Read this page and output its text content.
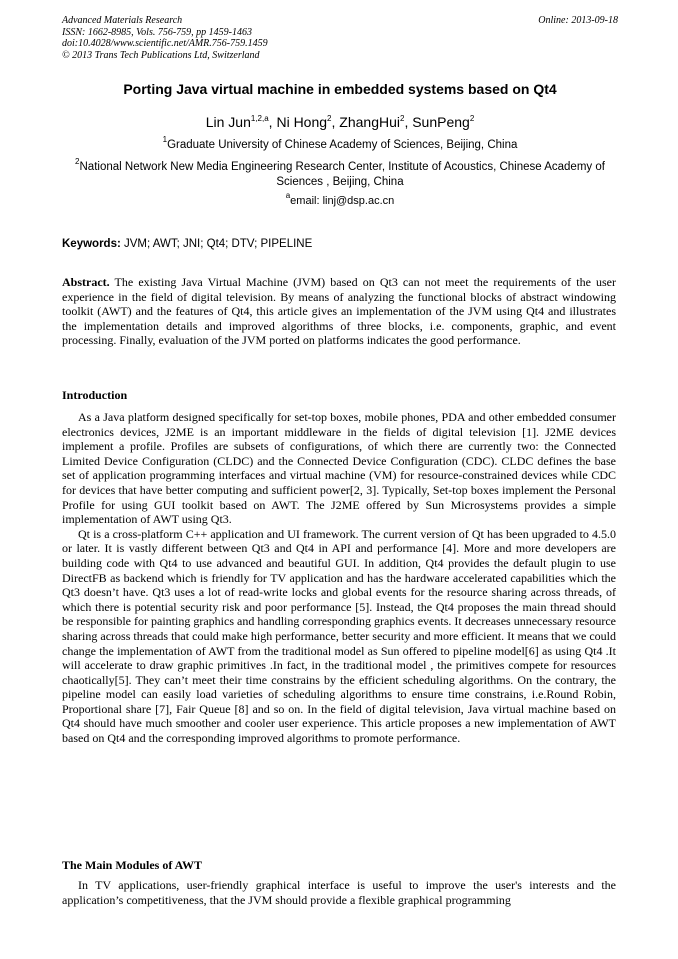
Advanced Materials Research
ISSN: 1662-8985, Vols. 756-759, pp 1459-1463
doi:10.4028/www.scientific.net/AMR.756-759.1459
© 2013 Trans Tech Publications Ltd, Switzerland
Online: 2013-09-18
Porting Java virtual machine in embedded systems based on Qt4
Lin Jun$^{1,2,a}$, Ni Hong$^2$, ZhangHui$^2$, SunPeng$^2$
$^1$Graduate University of Chinese Academy of Sciences, Beijing, China
$^2$National Network New Media Engineering Research Center, Institute of Acoustics, Chinese Academy of Sciences , Beijing, China
$^a$email: linj@dsp.ac.cn
Keywords: JVM; AWT; JNI; Qt4; DTV; PIPELINE

Abstract. The existing Java Virtual Machine (JVM) based on Qt3 can not meet the requirements of the user experience in the field of digital television. By means of analyzing the functional blocks of abstract windowing toolkit (AWT) and the features of Qt4, this article gives an implementation of the JVM using Qt4 and illustrates the implementation details and improved algorithms of three blocks, i.e. components, graphic, and event processing. Finally, evaluation of the JVM ported on platforms indicates the good performance.

Introduction

As a Java platform designed specifically for set-top boxes, mobile phones, PDA and other embedded consumer electronics devices, J2ME is an important middleware in the fields of digital television [1]. J2ME devices implement a profile. Profiles are subsets of configurations, of which there are currently two: the Connected Limited Device Configuration (CLDC) and the Connected Device Configuration (CDC). CLDC defines the base set of application programming interfaces and virtual machine (VM) for resource-constrained devices while CDC for devices that have better computing and sufficient power[2, 3]. Typically, Set-top boxes implement the Personal Profile for using GUI toolkit based on AWT. The J2ME offered by Sun Microsystems provides a simple implementation of AWT using Qt3.

Qt is a cross-platform C++ application and UI framework. The current version of Qt has been upgraded to 4.5.0 or later. It is vastly different between Qt3 and Qt4 in API and performance [4]. More and more developers are building code with Qt4 to use advanced and beautiful GUI. In addition, Qt4 provides the default plugin to use DirectFB as backend which is friendly for TV application and has the hardware accelerated capabilities which the Qt3 doesn’t have. Qt3 uses a lot of read-write locks and global events for the resource sharing across threads, of which there is potential security risk and poor performance [5]. Instead, the Qt4 proposes the main thread should be responsible for painting graphics and handling corresponding graphics events. It decreases unnecessary resource sharing across threads that could make high performance, better security and more efficient. It means that we could change the implementation of AWT from the traditional model as Sun offered to pipeline model[6] as using Qt4 .It will accelerate to draw graphic primitives .In fact, in the traditional model , the primitives compete for resources chaotically[5]. They can’t meet their time constrains by the efficient scheduling algorithms. On the contrary, the pipeline model can easily load varieties of scheduling algorithms to ensure time constrains, i.e.Round Robin, Proportional share [7], Fair Queue [8] and so on. In the field of digital television, Java virtual machine based on Qt4 should have much smoother and cooler user experience. This article proposes a new implementation of AWT based on Qt4 and the corresponding improved algorithms to promote performance.

The Main Modules of AWT

In TV applications, user-friendly graphical interface is useful to improve the user's interests and the application’s competitiveness, that the JVM should provide a flexible graphical programming
